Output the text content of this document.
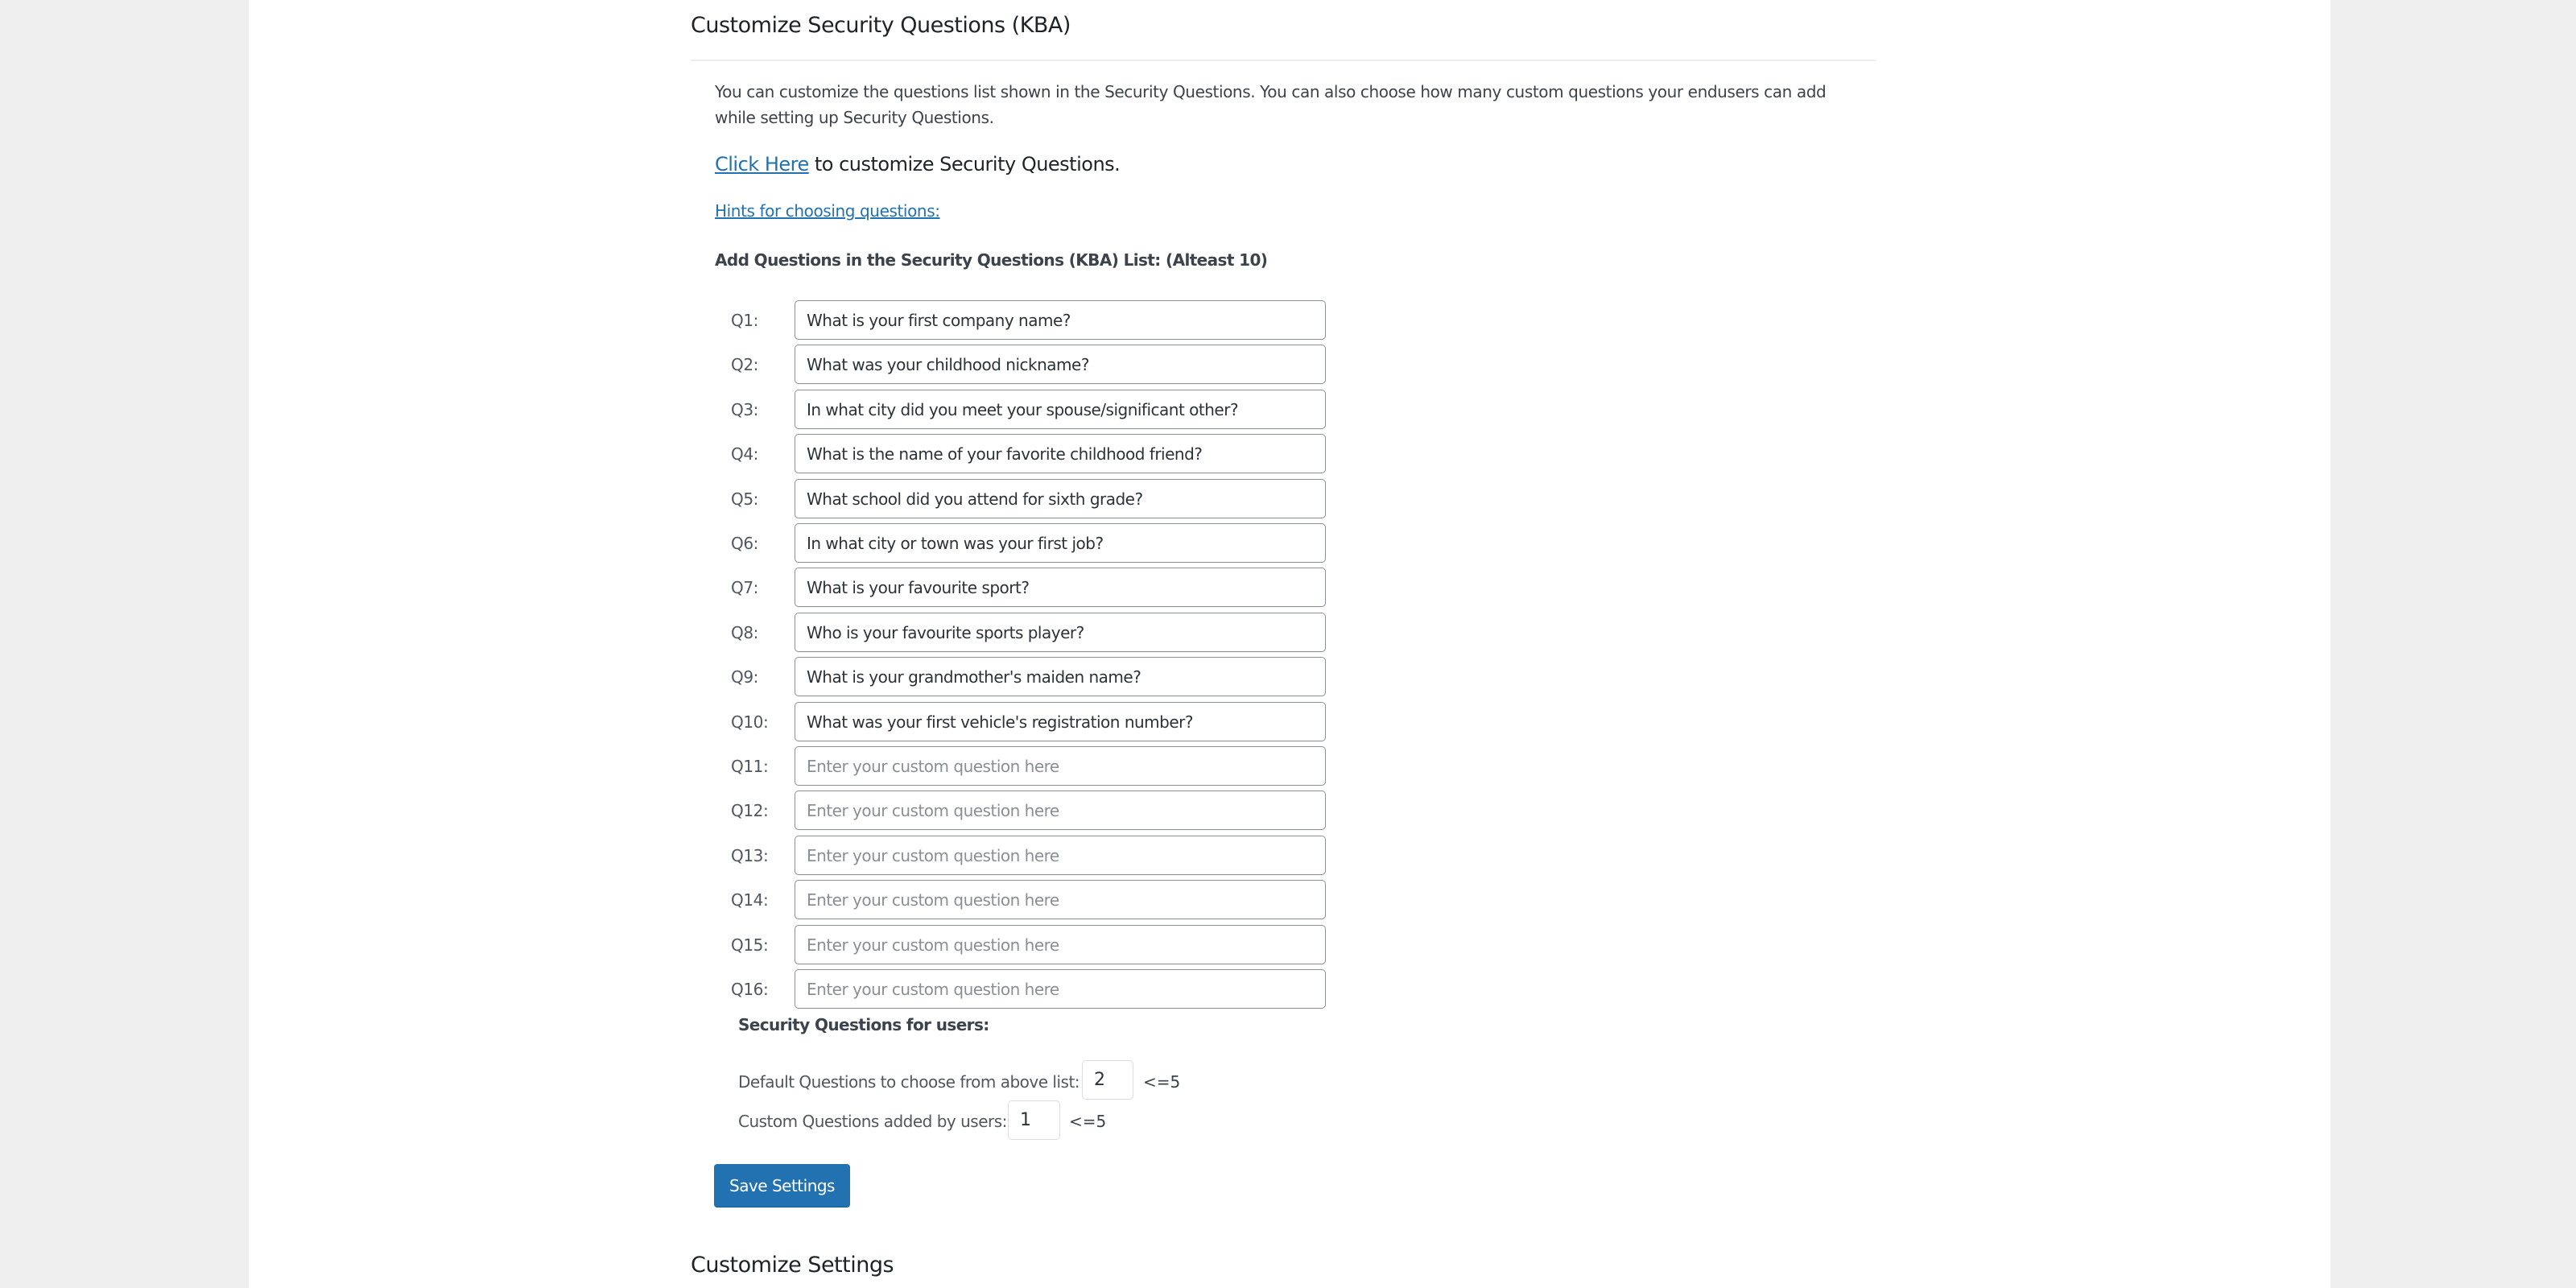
Customize Security Questions (KBA)
You can customize the questions list shown in the Security Questions. You can also choose how many custom questions your endusers can add while setting up Security Questions.
Click Here to customize Security Questions.
Hints for choosing questions:
Add Questions in the Security Questions (KBA) List: (Alteast 10)
Q1:
What is your first company name?
Q2:
What was your childhood nickname?
Q3:
In what city did you meet your spouse/significant other?
Q4:
What is the name of your favorite childhood friend?
Q5:
What school did you attend for sixth grade?
Q6:
In what city or town was your first job?
Q7:
What is your favourite sport?
Q8:
Who is your favourite sports player?
Q9:
What is your grandmother's maiden name?
Q10:
What was your first vehicle's registration number?
Q11:
Enter your custom question here
Q12:
Enter your custom question here
Q13:
Enter your custom question here
Q14:
Enter your custom question here
Q15:
Enter your custom question here
Q16:
Enter your custom question here
Security Questions for users:
Default Questions to choose from above list:
2	<=5
Custom Questions added by users:
1	<=5
Save Settings
Customize Settings
